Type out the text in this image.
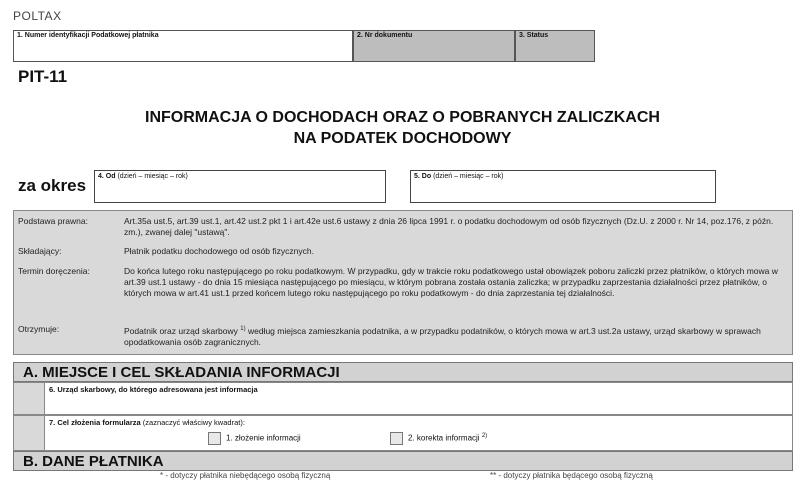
POLTAX
1. Numer identyfikacji Podatkowej płatnika	2. Nr dokumentu	3. Status
PIT-11
INFORMACJA O DOCHODACH ORAZ O POBRANYCH ZALICZKACH
NA PODATEK DOCHODOWY
za okres 4. Od (dzień – miesiąc – rok)	5. Do (dzień – miesiąc – rok)
Podstawa prawna:	Art.35a ust.5, art.39 ust.1, art.42 ust.2 pkt 1 i art.42e ust.6 ustawy z dnia 26 lipca 1991 r. o podatku dochodowym od osób fizycznych (Dz.U. z 2000 r. Nr 14, poz.176, z późn. zm.), zwanej dalej "ustawą".
Składający:	Płatnik podatku dochodowego od osób fizycznych.
Termin doręczenia:	Do końca lutego roku następującego po roku podatkowym. W przypadku, gdy w trakcie roku podatkowego ustał obowiązek poboru zaliczki przez płatników, o których mowa w art.39 ust.1 ustawy - do dnia 15 miesiąca następującego po miesiącu, w którym pobrana została ostania zaliczka; w przypadku zaprzestania działalności przez płatników, o których mowa w art.41 ust.1 przed końcem lutego roku następującego po roku podatkowym - do dnia zaprzestania tej działalności.
Otrzymuje:	Podatnik oraz urząd skarbowy $^{1)}$ według miejsca zamieszkania podatnika, a w przypadku podatników, o których mowa w art.3 ust.2a ustawy, urząd skarbowy w sprawach opodatkowania osób zagranicznych.
A. MIEJSCE I CEL SKŁADANIA INFORMACJI
6. Urząd skarbowy, do którego adresowana jest informacja
7. Cel złożenia formularza (zaznaczyć właściwy kwadrat):
1. złożenie informacji	2. korekta informacji $^{2)}$
B. DANE PŁATNIKA
* - dotyczy płatnika niebędącego osobą fizyczną	** - dotyczy płatnika będącego osobą fizyczną
